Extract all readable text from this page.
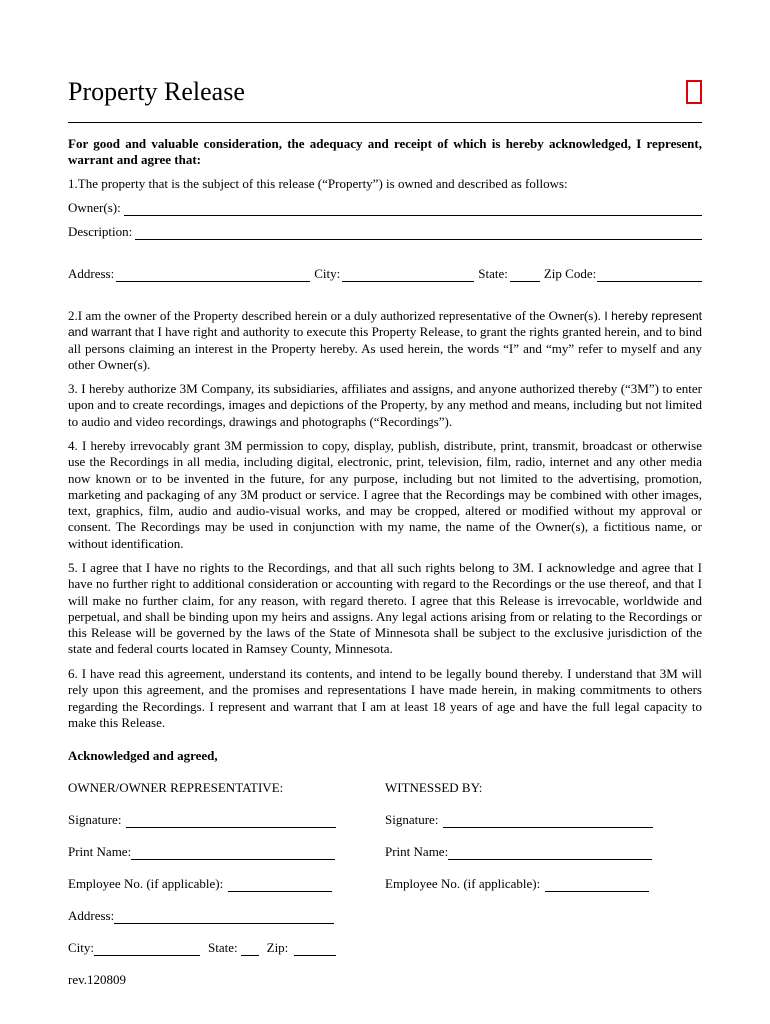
Property Release

For good and valuable consideration, the adequacy and receipt of which is hereby acknowledged, I represent, warrant and agree that:

1.The property that is the subject of this release (“Property”) is owned and described as follows:

Owner(s):
Description:
Address:	City:	State:	Zip Code:

2.I am the owner of the Property described herein or a duly authorized representative of the Owner(s). I hereby represent and warrant that I have right and authority to execute this Property Release, to grant the rights granted herein, and to bind all persons claiming an interest in the Property hereby. As used herein, the words “I” and “my” refer to myself and any other Owner(s).

3. I hereby authorize 3M Company, its subsidiaries, affiliates and assigns, and anyone authorized thereby (“3M”) to enter upon and to create recordings, images and depictions of the Property, by any method and means, including but not limited to audio and video recordings, drawings and photographs (“Recordings”).

4. I hereby irrevocably grant 3M permission to copy, display, publish, distribute, print, transmit, broadcast or otherwise use the Recordings in all media, including digital, electronic, print, television, film, radio, internet and any other media now known or to be invented in the future, for any purpose, including but not limited to the advertising, promotion, marketing and packaging of any 3M product or service. I agree that the Recordings may be combined with other images, text, graphics, film, audio and audio-visual works, and may be cropped, altered or modified without my approval or consent. The Recordings may be used in conjunction with my name, the name of the Owner(s), a fictitious name, or without identification.

5. I agree that I have no rights to the Recordings, and that all such rights belong to 3M. I acknowledge and agree that I have no further right to additional consideration or accounting with regard to the Recordings or the use thereof, and that I will make no further claim, for any reason, with regard thereto. I agree that this Release is irrevocable, worldwide and perpetual, and shall be binding upon my heirs and assigns. Any legal actions arising from or relating to the Recordings or this Release will be governed by the laws of the State of Minnesota shall be subject to the exclusive jurisdiction of the state and federal courts located in Ramsey County, Minnesota.

6. I have read this agreement, understand its contents, and intend to be legally bound thereby. I understand that 3M will rely upon this agreement, and the promises and representations I have made herein, in making commitments to others regarding the Recordings. I represent and warrant that I am at least 18 years of age and have the full legal capacity to make this Release.

Acknowledged and agreed,

OWNER/OWNER REPRESENTATIVE:	WITNESSED BY:
Signature:	Signature:
Print Name:	Print Name:
Employee No. (if applicable):	Employee No. (if applicable):
Address:
City:	State: Zip:
rev.120809
